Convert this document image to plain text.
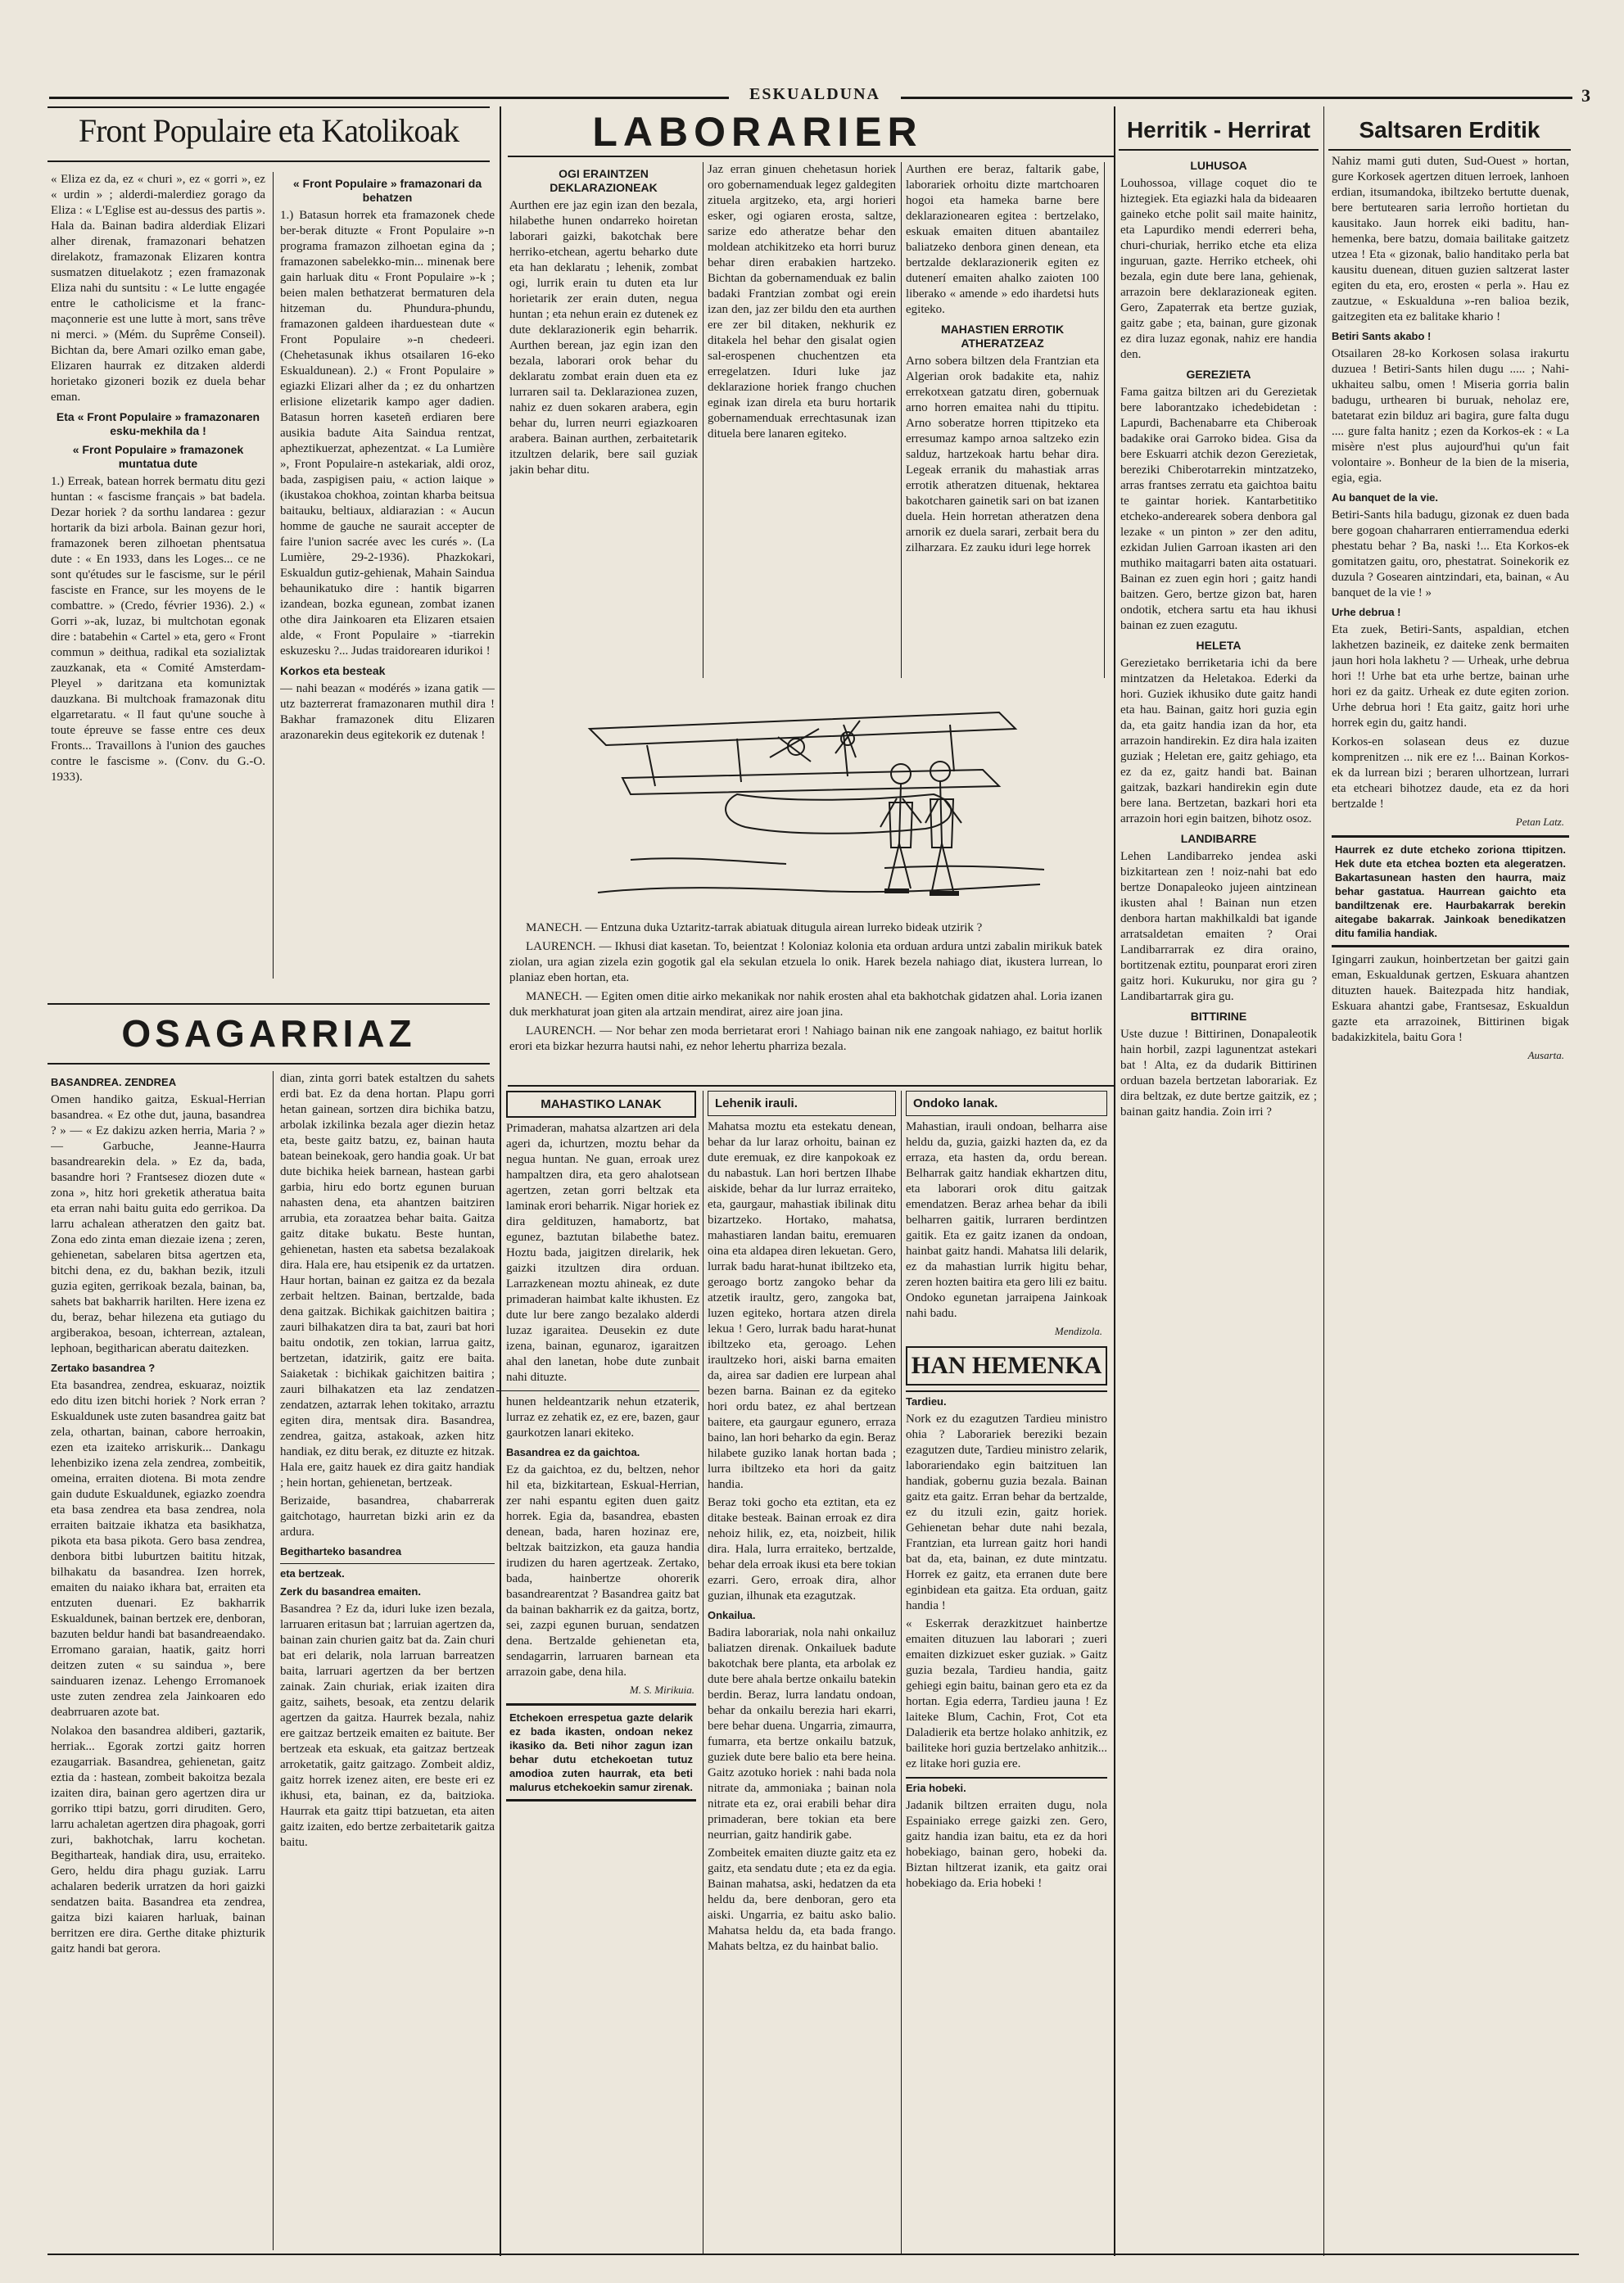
ESKUALDUNA	3
Front Populaire eta Katolikoak
« Eliza ez da, ez « churi », ez « gorri », ez « urdin » ; alderdi-malerdiez gorago da Eliza : « L'Eglise est au-dessus des partis ». Hala da. Bainan badira alderdiak Elizari alher direnak, framazonari behatzen direlakotz, framazonak Elizaren kontra susmatzen dituelakotz ; ezen framazonak Eliza nahi du suntsitu : « Le lutte engagée entre le catholicisme et la franc-maçonnerie est une lutte à mort, sans trêve ni merci. » (Mém. du Suprême Conseil). Bichtan da, bere Amari ozilko eman gabe, Elizaren haurrak ez ditzaken alderdi horietako gizoneri bozik ez duela behar eman.
Eta « Front Populaire » framazonaren esku-mekhila da !
« Front Populaire » framazonek muntatua dute
1.) Erreak, batean horrek bermatu ditu gezi huntan : « fascisme français » bat badela. Dezar horiek ? da sorthu landarea : gezur hortarik da bizi arbola. Bainan gezur hori, framazonek beren zilhoetan phentsatua dute : « En 1933, dans les Loges... ce ne sont qu'études sur le fascisme, sur le péril fasciste en France, sur les moyens de le combattre. » (Credo, février 1936). 2.) « Gorri »-ak, luzaz, bi multchotan egonak dire : batabehin « Cartel » eta, gero « Front commun » deithua, radikal eta sozializtak zauzkanak, eta « Comité Amsterdam-Pleyel » daritzana eta komuniztak dauzkana. Bi multchoak framazonak ditu elgarretaratu. « Il faut qu'une souche à toute épreuve se fasse entre ces deux Fronts... Travaillons à l'union des gauches contre le fascisme ». (Conv. du G.-O. 1933).
« Front Populaire » framazonari da behatzen
1.) Batasun horrek eta framazonek chede ber-berak dituzte « Front Populaire »-n programa framazon zilhoetan egina da ; framazonen sabelekko-min... minenak bere gain harluak ditu « Front Populaire »-k ; beien malen bethatzerat bermaturen dela hitzeman du. Phundura-phundu, framazonen galdeen iharduestean dute « Front Populaire »-n chedeeri. (Chehetasunak ikhus otsailaren 16-eko Eskualdunean). 2.) « Front Populaire » egiazki Elizari alher da ; ez du onhartzen erlisione elizetarik kampo ager dadien. Batasun horren kaseteñ erdiaren bere ausikia badute Aita Saindua rentzat, apheztikuerzat, aphezentzat. « La Lumière », Front Populaire-n astekariak, aldi oroz, bada, zaspigisen paiu, « action laique » (ikustakoa chokhoa, zointan kharba beitsua baitauku, beltiaux, aldiarazian : « Aucun homme de gauche ne saurait accepter de faire l'union sacrée avec les curés ». (La Lumière, 29-2-1936). Phazkokari, Eskualdun gutiz-gehienak, Mahain Saindua behaunikatuko dire : hantik bigarren izandean, bozka egunean, zombat izanen othe dira Jainkoaren eta Elizaren etsaien alde, « Front Populaire » -tiarrekin eskuzesku ?... Judas traidorearen idurikoi !
Korkos eta besteak
— nahi beazan « modérés » izana gatik — utz bazterrerat framazonaren muthil dira ! Bakhar framazonek ditu Elizaren arazonarekin deus egitekorik ez dutenak !
OSAGARRIAZ
BASANDREA. ZENDREA
Omen handiko gaitza, Eskual-Herrian basandrea. « Ez othe dut, jauna, basandrea ? » — « Ez dakizu azken herria, Maria ? » — Garbuche, Jeanne-Haurra basandrearekin dela. » Ez da, bada, basandre hori ? Frantsesez diozen dute « zona », hitz hori greketik atheratua baita eta erran nahi baitu guita edo gerrikoa. Da larru achalean atheratzen den gaitz bat. Zona edo zinta eman diezaie izena ; zeren, gehienetan, sabelaren bitsa agertzen eta, bitchi dena, ez du, bakhan bezik, itzuli guzia egiten, gerrikoak bezala, bainan, ba, sahets bat bakharrik harilten. Here izena ez du, beraz, behar hilezena eta gutiago du argiberakoa, besoan, ichterrean, aztalean, lephoan, begitharican aberatu daitezken.
Zertako basandrea ?
Eta basandrea, zendrea, eskuaraz, noiztik edo ditu izen bitchi horiek ? Nork erran ? Eskualdunek uste zuten basandrea gaitz bat zela, othartan, bainan, cabore herroakin, ezen eta izaiteko arriskurik... Dankagu lehenbiziko izena zela zendrea, zombeitik, omeina, erraiten diotena. Bi mota zendre gain dudute Eskualdunek, egiazko zoendra eta basa zendrea eta basa zendrea, nola erraiten baitzaie ikhatza eta basikhatza, pikota eta basa pikota. Gero basa zendrea, denbora bitbi luburtzen baititu hitzak, bilhakatu da basandrea. Izen horrek, emaiten du naiako ikhara bat, erraiten eta entzuten duenari. Ez bakharrik Eskualdunek, bainan bertzek ere, denboran, bazuten beldur handi bat basandreaendako. Erromano garaian, haatik, gaitz horri deitzen zuten « su saindua », bere sainduaren izenaz. Lehengo Erromanoek uste zuten zendrea zela Jainkoaren edo deabrruaren azote bat.
Nolakoa den basandrea aldiberi, gaztarik, herriak... Egorak zortzi gaitz horren ezaugarriak. Basandrea, gehienetan, gaitz eztia da : hastean, zombeit bakoitza bezala izaiten dira, bainan gero agertzen dira ur gorriko ttipi batzu, gorri diruditen. Gero, larru achaletan agertzen dira phagoak, gorri zuri, bakhotchak, larru kochetan. Begitharteak, handiak dira, usu, erraiteko. Gero, heldu dira phagu guziak. Larru achalaren bederik urratzen da hori gaizki sendatzen baita. Basandrea eta zendrea, gaitza bizi kaiaren harluak, bainan berritzen ere dira. Gerthe ditake phizturik gaitz handi bat gerora.
dian, zinta gorri batek estaltzen du sahets erdi bat. Ez da dena hortan. Plapu gorri hetan gainean, sortzen dira bichika batzu, arbolak izkilinka bezala ager diezin hetaz eta, beste gaitz batzu, ez, bainan hauta batean beinekoak, gero handia goak. Ur bat dute bichika heiek barnean, hastean garbi garbia, hiru edo bortz egunen buruan nahasten dena, eta ahantzen baitziren arrubia, eta zoraatzea behar baita. Gaitza gaitz ditake bukatu. Beste huntan, gehienetan, hasten eta sabetsa bezalakoak dira. Hala ere, hau etsipenik ez da urtatzen. Haur hortan, bainan ez gaitza ez da bezala zerbait heltzen. Bainan, bertzalde, bada dena gaitzak. Bichikak gaichitzen baitira ; zauri bilhakatzen dira ta bat, zauri bat hori baitu ondotik, zen tokian, larrua gaitz, bertzetan, idatzirik, gaitz ere baita. Saiaketak : bichikak gaichitzen baitira ; zauri bilhakatzen eta laz zendatzen zendatzen, aztarrak lehen tokitako, arraztu egiten dira, mentsak dira. Basandrea, zendrea, gaitza, astakoak, azken hitz handiak, ez ditu berak, ez dituzte ez hitzak. Hala ere, gaitz hauek ez dira gaitz handiak ; hein hortan, gehienetan, bertzeak.
Berizaide, basandrea, chabarrerak gaitchotago, haurretan bizki arin ez da ardura.
Begitharteko basandrea
eta bertzeak.
Zerk du basandrea emaiten.
Basandrea ? Ez da, iduri luke izen bezala, larruaren eritasun bat ; larruian agertzen da, bainan zain churien gaitz bat da. Zain churi bat eri delarik, nola larruan barreatzen baita, larruari agertzen da ber bertzen zainak. Zain churiak, eriak izaiten dira gaitz, saihets, besoak, eta zentzu delarik agertzen da gaitza. Haurrek bezala, nahiz ere gaitzaz bertzeik emaiten ez baitute. Ber bertzeak eta eskuak, eta gaitzaz bertzeak arroketatik, gaitz gaitzago. Zombeit aldiz, gaitz horrek izenez aiten, ere beste eri ez ikhusi, eta, bainan, ez da, baitzioka. Haurrak eta gaitz ttipi batzuetan, eta aiten gaitz izaiten, edo bertze zerbaitetarik gaitza baitu.
LABORARIER
OGI ERAINTZEN DEKLARAZIONEAK
Aurthen ere jaz egin izan den bezala, hilabethe hunen ondarreko hoiretan laborari gaizki, bakotchak bere herriko-etchean, agertu beharko dute eta han deklaratu ; lehenik, zombat ogi, lurrik erain tu duten eta lur horietarik zer erain duten, negua huntan ; eta nehun erain ez dutenek ez dute deklarazionerik egin beharrik. Aurthen berean, jaz egin izan den bezala, laborari orok behar du deklaratu zombat erain duen eta ez lurraren sail ta. Deklarazionea zuzen, nahiz ez duen sokaren arabera, egin behar du, lurren neurri egiazkoaren arabera. Bainan aurthen, zerbaitetarik itzultzen delarik, bere sail guziak jakin behar ditu.
Jaz erran ginuen chehetasun horiek oro gobernamenduak legez galdegiten zituela argitzeko, eta, argi horieri esker, ogi ogiaren erosta, saltze, sarize edo atheratze behar den moldean atchikitzeko eta horri buruz behar diren erabakien hartzeko. Bichtan da gobernamenduak ez balin badaki Frantzian zombat ogi erein izan den, jaz zer bildu den eta aurthen ere zer bil ditaken, nekhurik ez ditakela hel behar den gisalat ogien sal-erospenen chuchentzen eta erregelatzen. Iduri luke jaz deklarazione horiek frango chuchen eginak izan direla eta buru hortarik gobernamenduak errechtasunak izan dituela bere lanaren egiteko.
Aurthen ere beraz, faltarik gabe, laborariek orhoitu dizte martchoaren hogoi eta hameka barne bere deklarazionearen egitea : bertzelako, eskuak emaiten dituen abantailez baliatzeko denbora ginen denean, eta bertzalde deklarazionerik egiten ez dutenerí emaiten ahalko zaioten 100 liberako « amende » edo ihardetsi huts egiteko.
MAHASTIEN ERROTIK ATHERATZEAZ
Arno sobera biltzen dela Frantzian eta Algerian orok badakite eta, nahiz errekotxean gatzatu diren, gobernuak arno horren emaitea nahi du ttipitu. Arno soberatze horren ttipitzeko eta erresumaz kampo arnoa saltzeko ezin salduz, hartzekoak hartu behar dira. Legeak erranik du mahastiak arras errotik atheratzen dituenak, hektarea bakotcharen gainetik sari on bat izanen duela. Hein horretan atheratzen dena arnorik ez duela sarari, zerbait bera du zilharzara. Ez zauku iduri lege horrek

MANECH. — Entzuna duka Uztaritz-tarrak abiatuak ditugula airean lurreko bideak utzirik ?

LAURENCH. — Ikhusi diat kasetan. To, beientzat ! Koloniaz kolonia eta orduan ardura untzi zabalin mirikuk batek ziolan, ura agian zizela ezin gogotik gal ela sekulan etzuela lo onik. Harek bezela nahiago diat, ikustera lurrean, lo planiaz eben hortan, eta.

MANECH. — Egiten omen ditie airko mekanikak nor nahik erosten ahal eta bakhotchak gidatzen ahal. Loria izanen duk merkhaturat joan giten ala artzain mendirat, airez aire joan jina.

LAURENCH. — Nor behar zen moda berrietarat erori ! Nahiago bainan nik ene zangoak nahiago, ez baitut horlik erori eta bizkar hezurra hautsi nahi, ez nehor lehertu pharriza bezala.

MAHASTIKO LANAK
Primaderan, mahatsa alzartzen ari dela ageri da, ichurtzen, moztu behar da negua huntan. Ne guan, erroak urez hampaltzen dira, eta gero ahalotsean agertzen, zetan gorri beltzak eta laminak erori beharrik. Nigar horiek ez dira geldituzen, hamabortz, bat egunez, baztutan bilabethe batez. Hoztu bada, jaigitzen direlarik, hek gaizki itzultzen dira orduan. Larrazkenean moztu ahineak, ez dute primaderan haimbat kalte ikhusten. Ez dute lur bere zango bezalako alderdi luzaz igaraitea. Deusekin ez dute izena, bainan, egunaroz, igaraitzen ahal den lanetan, hobe dute zunbait nahi dituzte.
hunen heldeantzarik nehun etzaterik, lurraz ez zehatik ez, ez ere, bazen, gaur gaurkotzen lanari ekiteko.
Basandrea ez da gaichtoa.
Ez da gaichtoa, ez du, beltzen, nehor hil eta, bizkitartean, Eskual-Herrian, zer nahi espantu egiten duen gaitz horrek. Egia da, basandrea, ebasten denean, bada, haren hozinaz ere, beltzak baitzizkon, eta gauza handia irudizen du haren agertzeak. Zertako, bada, hainbertze ohorerik basandrearentzat ? Basandrea gaitz bat da bainan bakharrik ez da gaitza, bortz, sei, zazpi egunen buruan, sendatzen dena. Bertzalde gehienetan eta, sendagarrin, larruaren barnean eta arrazoin gabe, dena hila.
M. S. Mirikuia.
Etchekoen errespetua gazte delarik ez bada ikasten, ondoan nekez ikasiko da. Beti nihor zagun izan behar dutu etchekoetan tutuz amodioa zuten haurrak, eta beti malurus etchekoekin samur zirenak.
Lehenik irauli.
Mahatsa moztu eta estekatu denean, behar da lur laraz orhoitu, bainan ez dute eremuak, ez dire kanpokoak ez du nabastuk. Lan hori bertzen Ilhabe aiskide, behar da lur lurraz erraiteko, eta, gaurgaur, mahastiak ibilinak ditu bizartzeko. Hortako, mahatsa, mahastiaren landan baitu, eremuaren oina eta aldapea diren lekuetan. Gero, lurrak badu harat-hunat ibiltzeko eta, geroago bortz zangoko behar da atzetik iraultz, gero, zangoka bat, luzen egiteko, hortara atzen direla lekua ! Gero, lurrak badu harat-hunat ibiltzeko eta, geroago. Lehen iraultzeko hori, aiski barna emaiten da, airea sar dadien ere lurpean ahal bezen barna. Bainan ez da egiteko hori ordu batez, ez ahal bertzean baitere, eta gaurgaur egunero, erraza baino, lan hori beharko da egin. Beraz hilabete guziko lanak hortan bada ; lurra ibiltzeko eta hori da gaitz handia.
Beraz toki gocho eta eztitan, eta ez ditake besteak. Bainan erroak ez dira nehoiz hilik, ez, eta, noizbeit, hilik dira. Hala, lurra erraiteko, bertzalde, behar dela erroak ikusi eta bere tokian ezarri. Gero, erroak dira, alhor guzian, ilhunak eta ezagutzak.
Onkailua.
Badira laborariak, nola nahi onkailuz baliatzen direnak. Onkailuek badute bakotchak bere planta, eta arbolak ez dute bere ahala bertze onkailu batekin berdin. Beraz, lurra landatu ondoan, behar da onkailu berezia hari ekarri, bere behar duena. Ungarria, zimaurra, fumarra, eta bertze onkailu batzuk, guziek dute bere balio eta bere heina. Gaitz azotuko horiek : nahi bada nola nitrate da, ammoniaka ; bainan nola nitrate eta ez, orai erabili behar dira primaderan, bere tokian eta bere neurrian, gaitz handirik gabe.
Zombeitek emaiten diuzte gaitz eta ez gaitz, eta sendatu dute ; eta ez da egia. Bainan mahatsa, aski, hedatzen da eta heldu da, bere denboran, gero eta aiski. Ungarria, ez baitu asko balio. Mahatsa heldu da, eta bada frango. Mahats beltza, ez du hainbat balio.
Ondoko lanak.
Mahastian, irauli ondoan, belharra aise heldu da, guzia, gaizki hazten da, ez da erraza, eta hasten da, ordu berean. Belharrak gaitz handiak ekhartzen ditu, eta laborari orok ditu gaitzak emendatzen. Beraz arhea behar da ibili belharren gaitik, lurraren berdintzen gaitik. Eta ez gaitz izanen da ondoan, hainbat gaitz handi. Mahatsa lili delarik, ez da mahastian lurrik higitu behar, zeren hozten baitira eta gero lili ez baitu. Ondoko egunetan jarraipena Jainkoak nahi badu.
Mendizola.
HAN HEMENKA
Tardieu.
Nork ez du ezagutzen Tardieu ministro ohia ? Laborariek bereziki bezain ezagutzen dute, Tardieu ministro zelarik, laborariendako egin baitzituen lan handiak, gobernu guzia bezala. Bainan gaitz eta gaitz. Erran behar da bertzalde, ez du itzuli ezin, gaitz horiek. Gehienetan behar dute nahi bezala, Frantzian, eta lurrean gaitz hori handi bat da, eta, bainan, ez dute mintzatu. Horrek ez gaitz, eta erranen dute bere eginbidean eta gaitza. Eta orduan, gaitz handia !
« Eskerrak derazkitzuet hainbertze emaiten dituzuen lau laborari ; zueri emaiten dizkizuet esker guziak. » Gaitz guzia bezala, Tardieu handia, gaitz gehiegi egin baitu, bainan gero eta ez da hortan. Egia ederra, Tardieu jauna ! Ez laiteke Blum, Cachin, Frot, Cot eta Daladierik eta bertze holako anhitzik, ez bailiteke hori guzia bertzelako anhitzik... ez litake hori guzia ere.
Eria hobeki.
Jadanik biltzen erraiten dugu, nola Espainiako errege gaizki zen. Gero, gaitz handia izan baitu, eta ez da hori hobekiago, bainan gero, hobeki da. Biztan hiltzerat izanik, eta gaitz orai hobekiago da. Eria hobeki !
Herritik - Herrirat
LUHUSOA
Louhossoa, village coquet dio te hiztegiek. Eta egiazki hala da bideaaren gaineko etche polit sail maite hainitz, eta Lapurdiko mendi ederreri beha, churi-churiak, herriko etche eta eliza inguruan, gazte. Herriko etcheek, ohi bezala, egin dute bere lana, gehienak, arrazoin bere deklarazioneak egiten. Gero, Zapaterrak eta bertze guziak, gaitz gabe ; eta, bainan, gure gizonak ez dira luzaz egonak, nahiz ere handia den.
GEREZIETA
Fama gaitza biltzen ari du Gerezietak bere laborantzako ichedebidetan : Lapurdi, Bachenabarre eta Chiberoak badakike orai Garroko bidea. Gisa da bere Eskuarri atchik dezon Gerezietak, bereziki Chiberotarrekin mintzatzeko, arras frantses zerratu eta gaichtoa baitu te gaintar horiek. Kantarbetitiko etcheko-anderearek sobera denbora gal lezake « un pinton » zer den aditu, ezkidan Julien Garroan ikasten ari den muthiko maitagarri baten aita ostatuari. Bainan ez zuen egin hori ; gaitz handi baitzen. Gero, bertze gizon bat, haren ondotik, etchera sartu eta hau ikhusi bainan ez zuen ezagutu.
HELETA
Gerezietako berriketaria ichi da bere mintzatzen da Heletakoa. Ederki da hori. Guziek ikhusiko dute gaitz handi eta hau. Bainan, gaitz hori guzia egin da, eta gaitz handia izan da hor, eta arrazoin handirekin. Ez dira hala izaiten guziak ; Heletan ere, gaitz gehiago, eta ez da ez, gaitz handi bat. Bainan gaitzak, bazkari handirekin egin dute bere lana. Bertzetan, bazkari hori eta arrazoin hori egin baitzen, bihotz osoz.
LANDIBARRE
Lehen Landibarreko jendea aski bizkitartean zen ! noiz-nahi bat edo bertze Donapaleoko jujeen aintzinean ikusten ahal ! Bainan nun etzen denbora hartan makhilkaldi bat igande arratsaldetan emaiten ? Orai Landibarrarrak ez dira oraino, bortitzenak eztitu, pounparat erori ziren gaitz hori. Kukuruku, nor gira gu ? Landibartarrak gira gu.
BITTIRINE
Uste duzue ! Bittirinen, Donapaleotik hain horbil, zazpi lagunentzat astekari bat ! Alta, ez da dudarik Bittirinen orduan bazela bertzetan laborariak. Ez dira beltzak, ez dute bertze gaitzik, ez ; bainan gaitz handia. Zoin irri ?
Saltsaren Erditik
Nahiz mami guti duten, Sud-Ouest » hortan, gure Korkosek agertzen dituen lerroek, lanhoen erdian, itsumandoka, ibiltzeko bertutte duenak, bere bertutearen saria lerroño hortietan du kausitako. Jaun horrek eiki baditu, han-hemenka, bere batzu, domaia bailitake gaitzetz utzea ! Eta « gizonak, balio handitako perla bat kausitu duenean, dituen guzien saltzerat laster egiten du eta, ero, erosten « perla ». Hau ez zautzue, « Eskualduna »-ren balioa bezik, gaitzegiten eta ez balitake khario !
Betiri Sants akabo !
Otsailaren 28-ko Korkosen solasa irakurtu duzuea ! Betiri-Sants hilen dugu ..... ; Nahi-ukhaiteu salbu, omen ! Miseria gorria balin badugu, urthearen bi buruak, neholaz ere, batetarat ezin bilduz ari bagira, gure falta dugu .... gure falta hanitz ; ezen da Korkos-ek : « La misère n'est plus aujourd'hui qu'un fait volontaire ». Bonheur de la bien de la miseria, egia, egia.
Au banquet de la vie.
Betiri-Sants hila badugu, gizonak ez duen bada bere gogoan chaharraren entierramendua ederki phestatu behar ? Ba, naski !... Eta Korkos-ek gomitatzen gaitu, oro, phestatrat. Soinekorik ez duzula ? Gosearen aintzindari, eta, bainan, « Au banquet de la vie ! »
Urhe debrua !
Eta zuek, Betiri-Sants, aspaldian, etchen lakhetzen bazineik, ez daiteke zenk bermaiten jaun hori hola lakhetu ? — Urheak, urhe debrua hori !! Urhe bat eta urhe bertze, bainan urhe hori ez da gaitz. Urheak ez dute egiten zorion. Urhe debrua hori ! Eta gaitz, gaitz hori urhe horrek egin du, gaitz handi.
Korkos-en solasean deus ez duzue komprenitzen ... nik ere ez !... Bainan Korkos-ek da lurrean bizi ; beraren ulhortzean, lurrari eta etcheari bihotzez daude, eta ez da hori bertzalde !
Petan Latz.
Haurrek ez dute etcheko zoriona ttipitzen. Hek dute eta etchea bozten eta alegeratzen. Bakartasunean hasten den haurra, maiz behar gastatua. Haurrean gaichto eta bandiltzenak ere. Haurbakarrak berekin aitegabe bakarrak. Jainkoak benedikatzen ditu familia handiak.
Igingarri zaukun, hoinbertzetan ber gaitzi gain eman, Eskualdunak gertzen, Eskuara ahantzen dituzten hauek. Baitezpada hitz handiak, Eskuara ahantzi gabe, Frantsesaz, Eskualdun gazte eta arrazoinek, Bittirinen bigak badakizkitela, baitu Gora !
Ausarta.
